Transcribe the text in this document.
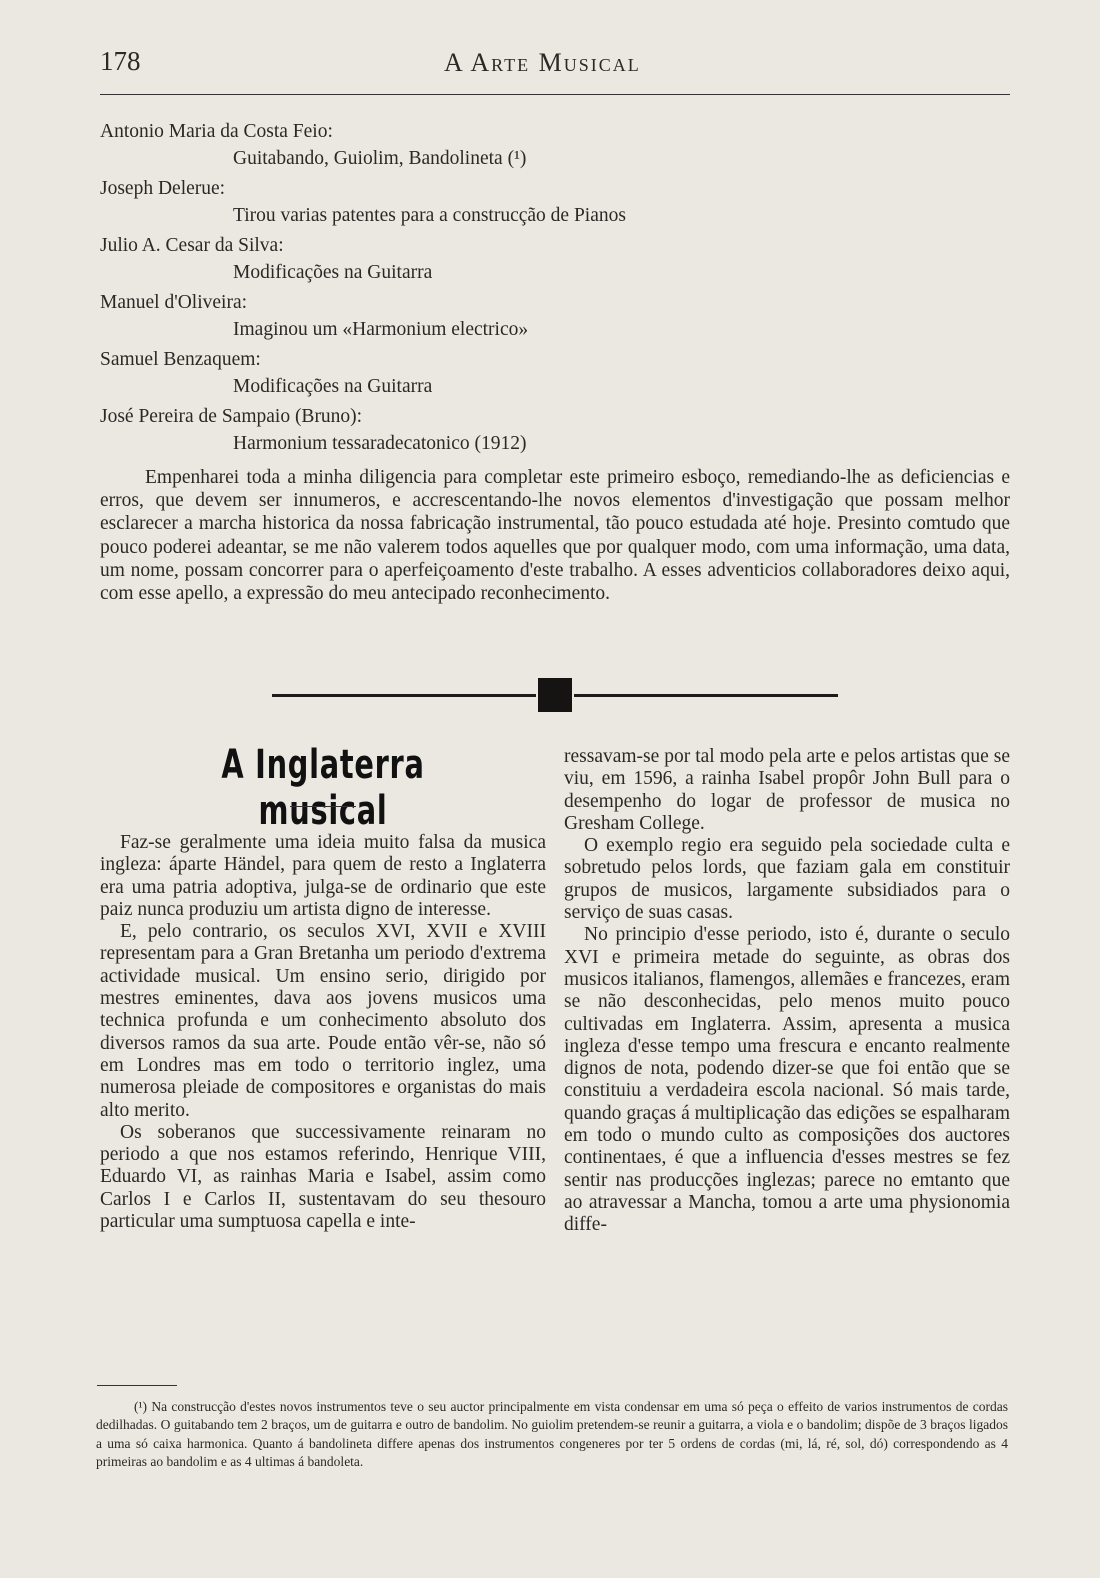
178	A Arte Musical
Antonio Maria da Costa Feio:
Guitabando, Guiolim, Bandolineta (¹)
Joseph Delerue:
Tirou varias patentes para a construcção de Pianos
Julio A. Cesar da Silva:
Modificações na Guitarra
Manuel d'Oliveira:
Imaginou um «Harmonium electrico»
Samuel Benzaquem:
Modificações na Guitarra
José Pereira de Sampaio (Bruno):
Harmonium tessaradecatonico (1912)

Empenharei toda a minha diligencia para completar este primeiro esboço, remediando-lhe as deficiencias e erros, que devem ser innumeros, e accrescentando-lhe novos elementos d'investigação que possam melhor esclarecer a marcha historica da nossa fabricação instrumental, tão pouco estudada até hoje. Presinto comtudo que pouco poderei adeantar, se me não valerem todos aquelles que por qualquer modo, com uma informação, uma data, um nome, possam concorrer para o aperfeiçoamento d'este trabalho. A esses adventicios collaboradores deixo aqui, com esse apello, a expressão do meu antecipado reconhecimento.

A Inglaterra musical

Faz-se geralmente uma ideia muito falsa da musica ingleza: áparte Händel, para quem de resto a Inglaterra era uma patria adoptiva, julga-se de ordinario que este paiz nunca produziu um artista digno de interesse.

E, pelo contrario, os seculos XVI, XVII e XVIII representam para a Gran Bretanha um periodo d'extrema actividade musical. Um ensino serio, dirigido por mestres eminentes, dava aos jovens musicos uma technica profunda e um conhecimento absoluto dos diversos ramos da sua arte. Poude então vêr-se, não só em Londres mas em todo o territorio inglez, uma numerosa pleiade de compositores e organistas do mais alto merito.

Os soberanos que successivamente reinaram no periodo a que nos estamos referindo, Henrique VIII, Eduardo VI, as rainhas Maria e Isabel, assim como Carlos I e Carlos II, sustentavam do seu thesouro particular uma sumptuosa capella e inte-

ressavam-se por tal modo pela arte e pelos artistas que se viu, em 1596, a rainha Isabel propôr John Bull para o desempenho do logar de professor de musica no Gresham College.

O exemplo regio era seguido pela sociedade culta e sobretudo pelos lords, que faziam gala em constituir grupos de musicos, largamente subsidiados para o serviço de suas casas.

No principio d'esse periodo, isto é, durante o seculo XVI e primeira metade do seguinte, as obras dos musicos italianos, flamengos, allemães e francezes, eram se não desconhecidas, pelo menos muito pouco cultivadas em Inglaterra. Assim, apresenta a musica ingleza d'esse tempo uma frescura e encanto realmente dignos de nota, podendo dizer-se que foi então que se constituiu a verdadeira escola nacional. Só mais tarde, quando graças á multiplicação das edições se espalharam em todo o mundo culto as composições dos auctores continentaes, é que a influencia d'esses mestres se fez sentir nas producções inglezas; parece no emtanto que ao atravessar a Mancha, tomou a arte uma physionomia diffe-

(¹) Na construcção d'estes novos instrumentos teve o seu auctor principalmente em vista condensar em uma só peça o effeito de varios instrumentos de cordas dedilhadas. O guitabando tem 2 braços, um de guitarra e outro de bandolim. No guiolim pretendem-se reunir a guitarra, a viola e o bandolim; dispõe de 3 braços ligados a uma só caixa harmonica. Quanto á bandolineta differe apenas dos instrumentos congeneres por ter 5 ordens de cordas (mi, lá, ré, sol, dó) correspondendo as 4 primeiras ao bandolim e as 4 ultimas á bandoleta.
